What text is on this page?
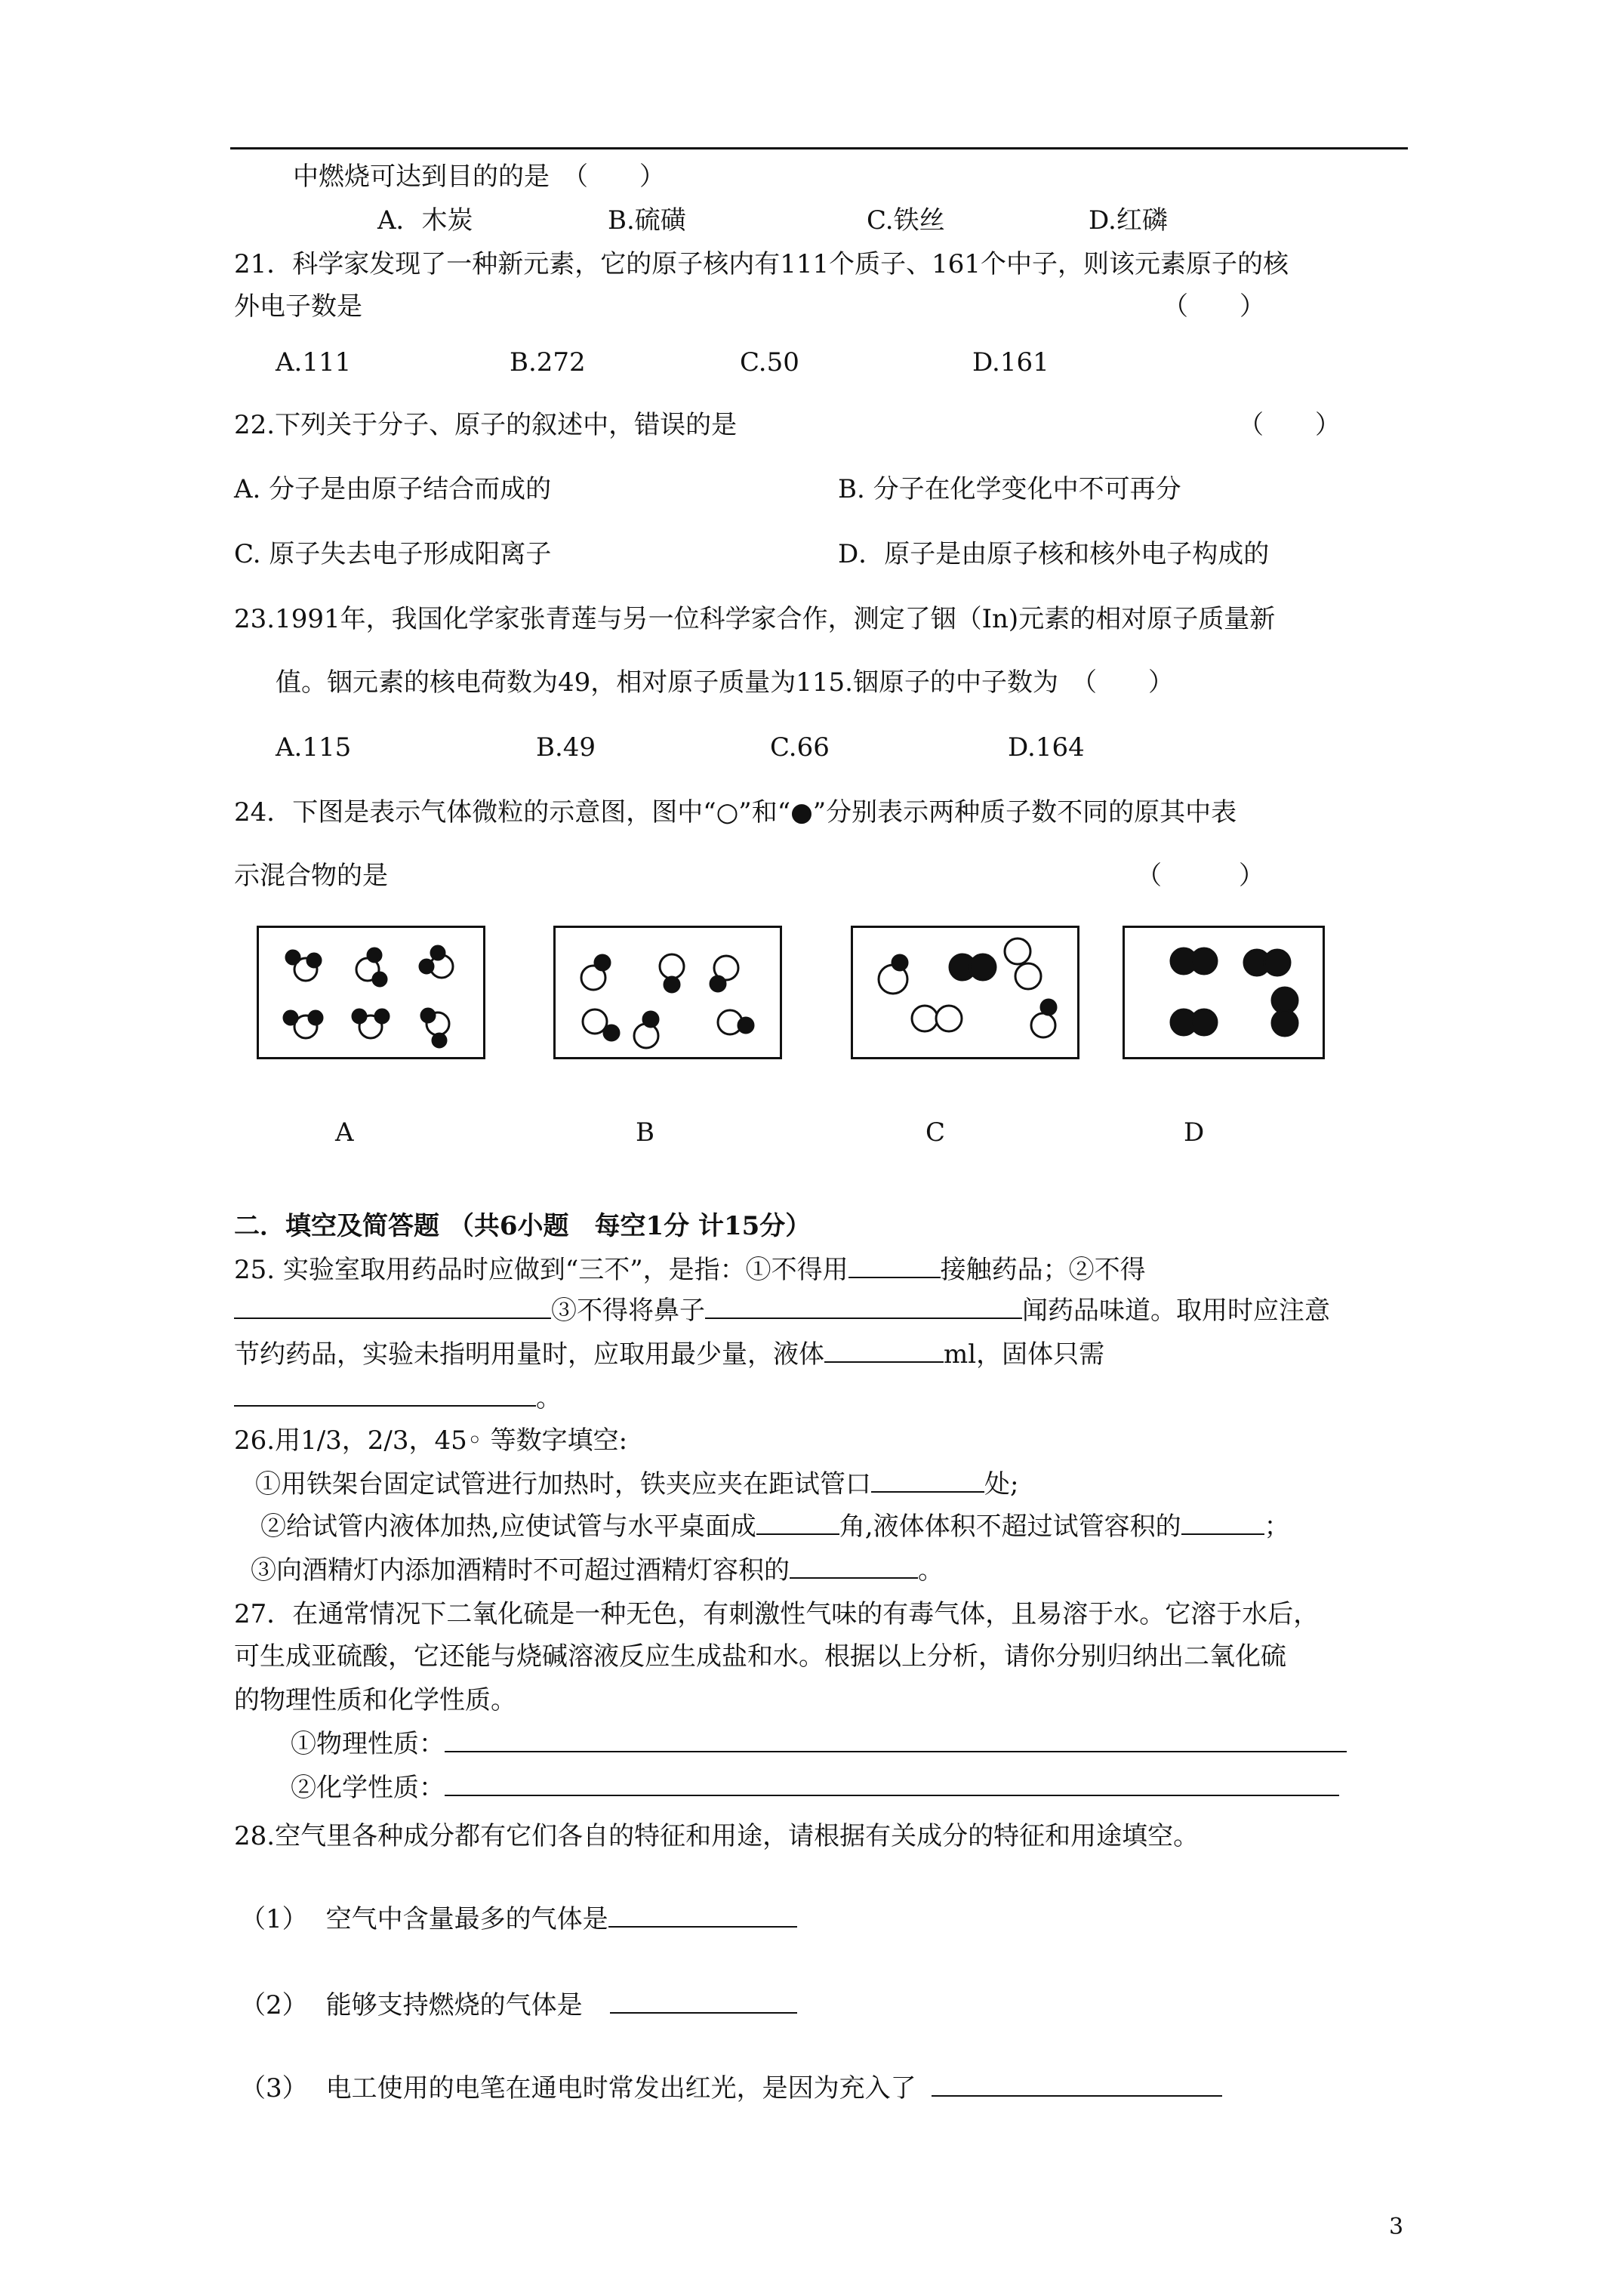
中燃烧可达到目的的是　（　　）
A．木炭	B.硫磺	C.铁丝	D.红磷
21．科学家发现了一种新元素，它的原子核内有111个质子、161个中子，则该元素原子的核
外电子数是	（　　）
A.111	B.272	C.50	D.161
22.下列关于分子、原子的叙述中，错误的是	（　　）
A. 分子是由原子结合而成的	B. 分子在化学变化中不可再分
C. 原子失去电子形成阳离子	D．原子是由原子核和核外电子构成的
23.1991年，我国化学家张青莲与另一位科学家合作，测定了铟（In)元素的相对原子质量新
值。铟元素的核电荷数为49，相对原子质量为115.铟原子的中子数为　（　　）
A.115	B.49	C.66	D.164
24．下图是表示气体微粒的示意图，图中“○”和“●”分别表示两种质子数不同的原其中表
示混合物的是	（　　　）
A	B	C	D
二．填空及简答题 （共6小题　每空1分 计15分）
25. 实验室取用药品时应做到“三不”，是指：①不得用	接触药品；②不得
③不得将鼻子	闻药品味道。取用时应注意
节约药品，实验未指明用量时，应取用最少量，液体	ml，固体只需
。
26.用1/3，2/3，45◦ 等数字填空:
①用铁架台固定试管进行加热时，铁夹应夹在距试管口	处;
②给试管内液体加热,应使试管与水平桌面成	角,液体体积不超过试管容积的	；
③向酒精灯内添加酒精时不可超过酒精灯容积的	。
27．在通常情况下二氧化硫是一种无色，有刺激性气味的有毒气体，且易溶于水。它溶于水后，
可生成亚硫酸，它还能与烧碱溶液反应生成盐和水。根据以上分析，请你分别归纳出二氧化硫
的物理性质和化学性质。
①物理性质：
②化学性质：
28.空气里各种成分都有它们各自的特征和用途，请根据有关成分的特征和用途填空。
（1） 空气中含量最多的气体是
（2） 能够支持燃烧的气体是
（3） 电工使用的电笔在通电时常发出红光，是因为充入了
3
